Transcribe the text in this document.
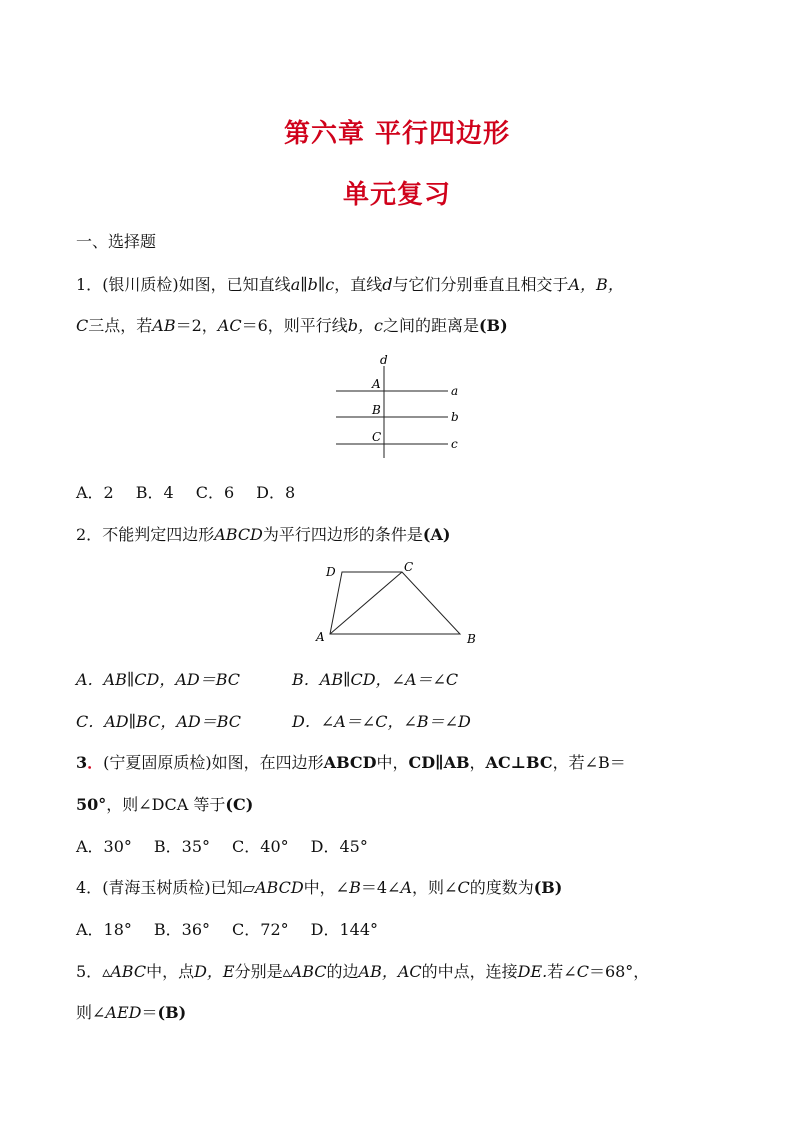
第六章 平行四边形
单元复习
一、选择题
1．(银川质检)如图，已知直线a∥b∥c，直线d与它们分别垂直且相交于A，B，
C三点，若AB＝2，AC＝6，则平行线b，c之间的距离是(B)
d
A
B
C
a
b
c
A．2 B．4 C．6 D．8
2．不能判定四边形ABCD为平行四边形的条件是(A)
D	C
A	B
A．AB∥CD，AD＝BC	B．AB∥CD，∠A＝∠C
C．AD∥BC，AD＝BC	D．∠A＝∠C，∠B＝∠D
3．(宁夏固原质检)如图，在四边形ABCD中，CD∥AB，AC⊥BC，若∠B＝
50°，则∠DCA 等于(C)
A．30° B．35° C．40° D．45°
4．(青海玉树质检)已知▱ABCD中，∠B＝4∠A，则∠C的度数为(B)
A．18° B．36° C．72° D．144°
5．▵ABC中，点D，E分别是▵ABC的边AB，AC的中点，连接DE.若∠C＝68°，
则∠AED＝(B)
